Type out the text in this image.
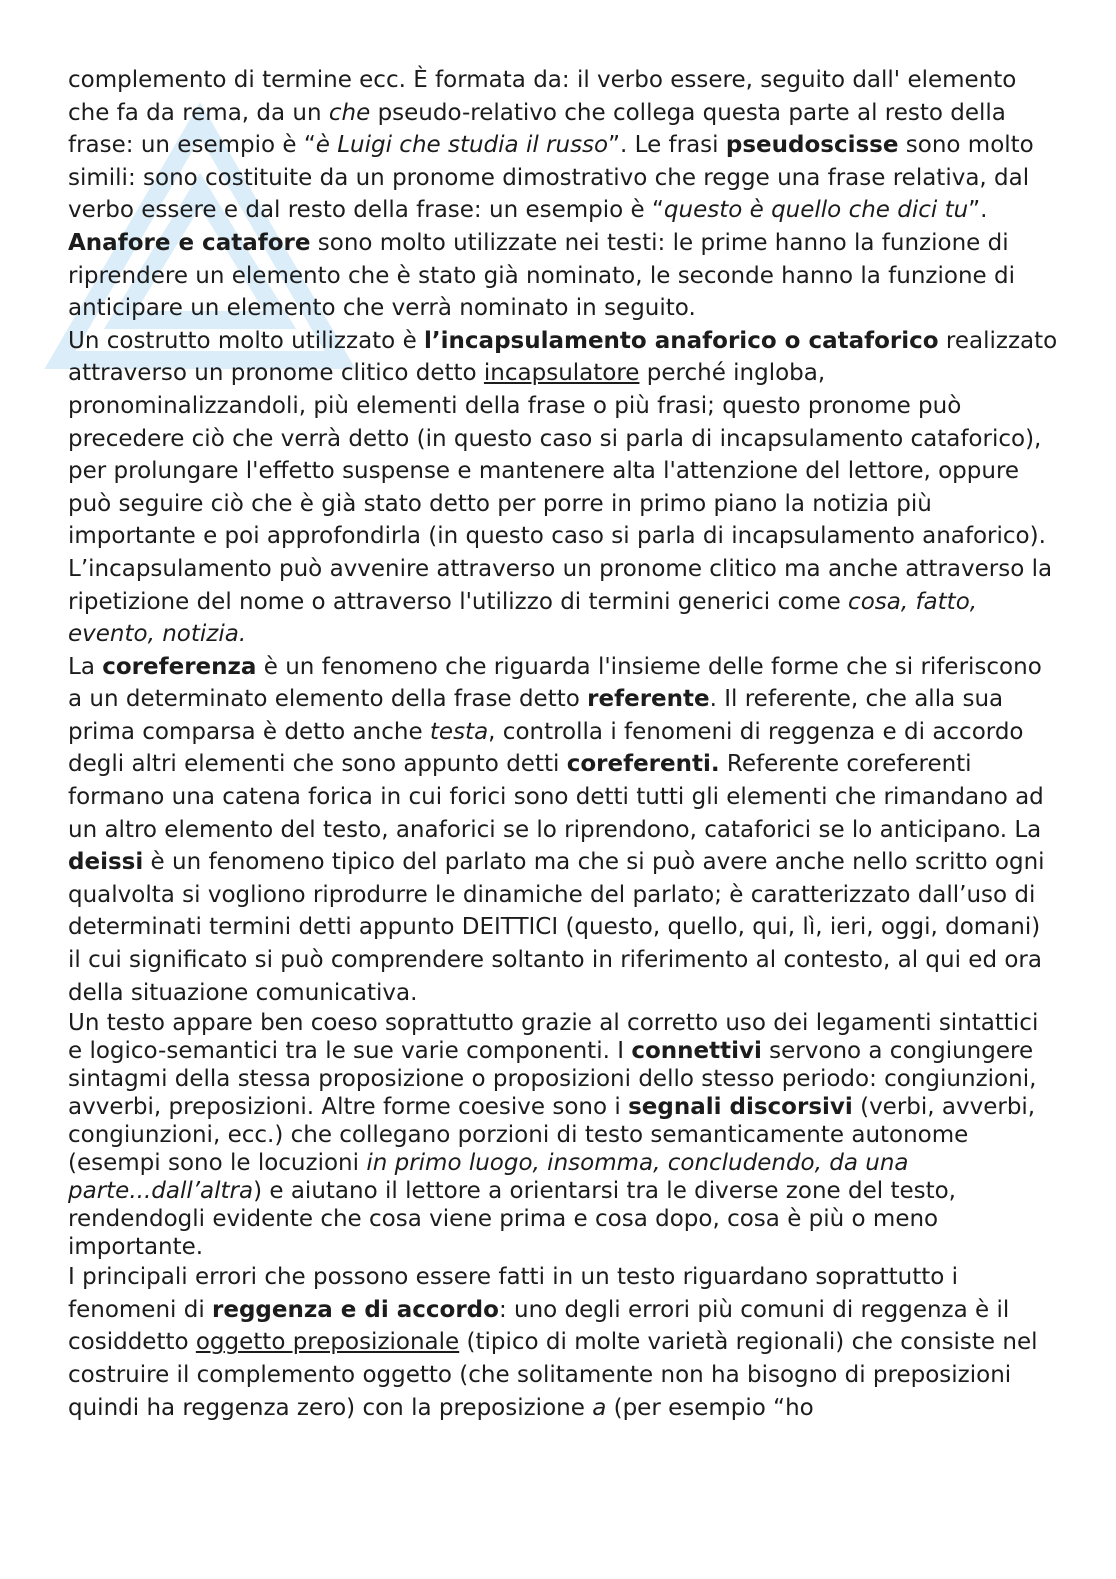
complemento di termine ecc. È formata da: il verbo essere, seguito dall' elemento che fa da rema, da un che pseudo-relativo che collega questa parte al resto della frase: un esempio è “è Luigi che studia il russo”. Le frasi pseudoscisse sono molto simili: sono costituite da un pronome dimostrativo che regge una frase relativa, dal verbo essere e dal resto della frase: un esempio è “questo è quello che dici tu”.

Anafore e catafore sono molto utilizzate nei testi: le prime hanno la funzione di riprendere un elemento che è stato già nominato, le seconde hanno la funzione di anticipare un elemento che verrà nominato in seguito.

Un costrutto molto utilizzato è l’incapsulamento anaforico o cataforico realizzato attraverso un pronome clitico detto incapsulatore perché ingloba, pronominalizzandoli, più elementi della frase o più frasi; questo pronome può precedere ciò che verrà detto (in questo caso si parla di incapsulamento cataforico), per prolungare l'effetto suspense e mantenere alta l'attenzione del lettore, oppure può seguire ciò che è già stato detto per porre in primo piano la notizia più importante e poi approfondirla (in questo caso si parla di incapsulamento anaforico). L’incapsulamento può avvenire attraverso un pronome clitico ma anche attraverso la ripetizione del nome o attraverso l'utilizzo di termini generici come cosa, fatto, evento, notizia.

La coreferenza è un fenomeno che riguarda l'insieme delle forme che si riferiscono a un determinato elemento della frase detto referente. Il referente, che alla sua prima comparsa è detto anche testa, controlla i fenomeni di reggenza e di accordo degli altri elementi che sono appunto detti coreferenti. Referente coreferenti formano una catena forica in cui forici sono detti tutti gli elementi che rimandano ad un altro elemento del testo, anaforici se lo riprendono, cataforici se lo anticipano. La deissi è un fenomeno tipico del parlato ma che si può avere anche nello scritto ogni qualvolta si vogliono riprodurre le dinamiche del parlato; è caratterizzato dall’uso di determinati termini detti appunto DEITTICI (questo, quello, qui, lì, ieri, oggi, domani) il cui significato si può comprendere soltanto in riferimento al contesto, al qui ed ora della situazione comunicativa.

Un testo appare ben coeso soprattutto grazie al corretto uso dei legamenti sintattici e logico-semantici tra le sue varie componenti. I connettivi servono a congiungere sintagmi della stessa proposizione o proposizioni dello stesso periodo: congiunzioni, avverbi, preposizioni. Altre forme coesive sono i segnali discorsivi (verbi, avverbi, congiunzioni, ecc.) che collegano porzioni di testo semanticamente autonome (esempi sono le locuzioni in primo luogo, insomma, concludendo, da una parte...dall’altra) e aiutano il lettore a orientarsi tra le diverse zone del testo, rendendogli evidente che cosa viene prima e cosa dopo, cosa è più o meno importante.

I principali errori che possono essere fatti in un testo riguardano soprattutto i fenomeni di reggenza e di accordo: uno degli errori più comuni di reggenza è il cosiddetto oggetto preposizionale (tipico di molte varietà regionali) che consiste nel costruire il complemento oggetto (che solitamente non ha bisogno di preposizioni quindi ha reggenza zero) con la preposizione a (per esempio “ho
